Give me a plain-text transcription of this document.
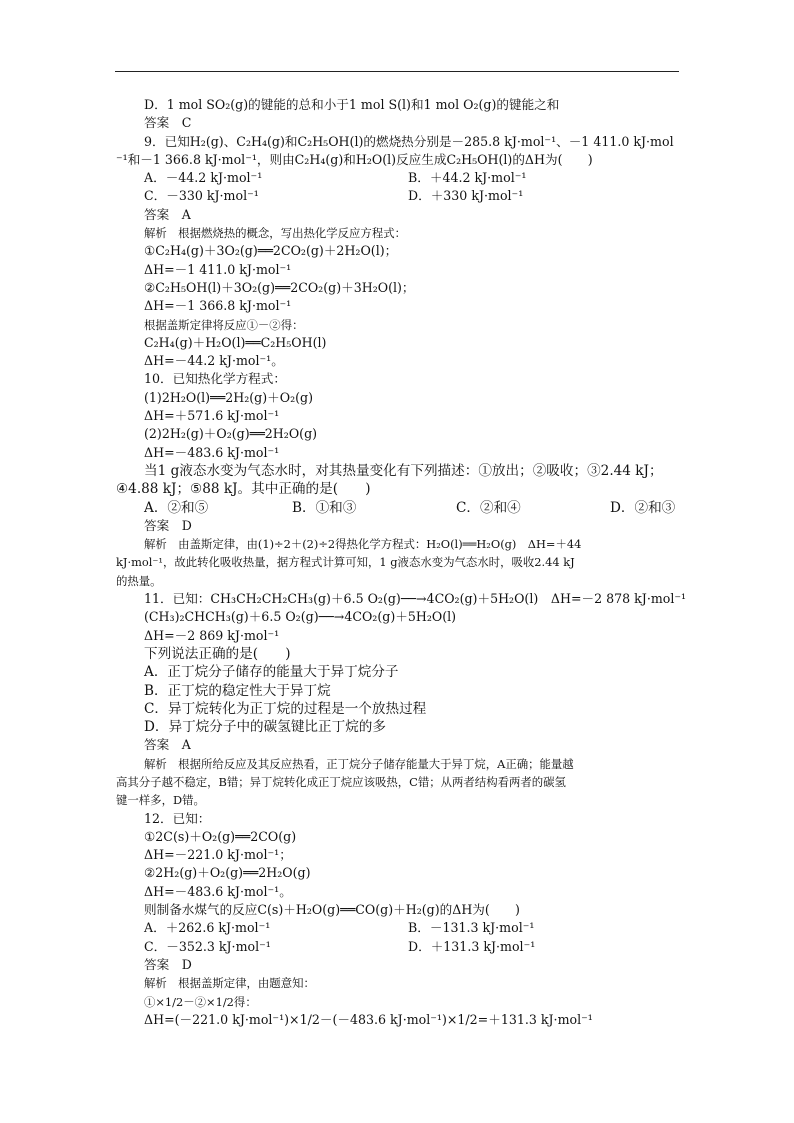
D．1 mol SO₂(g)的键能的总和小于1 mol S(l)和1 mol O₂(g)的键能之和
答案　C
9．已知H₂(g)、C₂H₄(g)和C₂H₅OH(l)的燃烧热分别是－285.8 kJ·mol⁻¹、－1 411.0 kJ·mol
⁻¹和－1 366.8 kJ·mol⁻¹，则由C₂H₄(g)和H₂O(l)反应生成C₂H₅OH(l)的ΔH为(　　)
A．－44.2 kJ·mol⁻¹	B．＋44.2 kJ·mol⁻¹
C．－330 kJ·mol⁻¹	D．＋330 kJ·mol⁻¹
答案　A
解析　根据燃烧热的概念，写出热化学反应方程式：
①C₂H₄(g)＋3O₂(g)══2CO₂(g)＋2H₂O(l)；
ΔH=－1 411.0 kJ·mol⁻¹
②C₂H₅OH(l)＋3O₂(g)══2CO₂(g)＋3H₂O(l)；
ΔH=－1 366.8 kJ·mol⁻¹
根据盖斯定律将反应①－②得：
C₂H₄(g)＋H₂O(l)══C₂H₅OH(l)
ΔH=－44.2 kJ·mol⁻¹。
10．已知热化学方程式：
(1)2H₂O(l)══2H₂(g)＋O₂(g)
ΔH=＋571.6 kJ·mol⁻¹
(2)2H₂(g)＋O₂(g)══2H₂O(g)
ΔH=－483.6 kJ·mol⁻¹
当1 g液态水变为气态水时，对其热量变化有下列描述：①放出；②吸收；③2.44 kJ；
④4.88 kJ；⑤88 kJ。其中正确的是(　　)
A．②和⑤	B．①和③	C．②和④	D．②和③
答案　D
解析　由盖斯定律，由(1)÷2＋(2)÷2得热化学方程式：H₂O(l)══H₂O(g)　ΔH=＋44
kJ·mol⁻¹，故此转化吸收热量，据方程式计算可知，1 g液态水变为气态水时，吸收2.44 kJ
的热量。
11．已知：CH₃CH₂CH₂CH₃(g)＋6.5 O₂(g)──→4CO₂(g)＋5H₂O(l)　ΔH=－2 878 kJ·mol⁻¹
(CH₃)₂CHCH₃(g)＋6.5 O₂(g)──→4CO₂(g)＋5H₂O(l)
ΔH=－2 869 kJ·mol⁻¹
下列说法正确的是(　　)
A．正丁烷分子储存的能量大于异丁烷分子
B．正丁烷的稳定性大于异丁烷
C．异丁烷转化为正丁烷的过程是一个放热过程
D．异丁烷分子中的碳氢键比正丁烷的多
答案　A
解析　根据所给反应及其反应热看，正丁烷分子储存能量大于异丁烷，A正确；能量越
高其分子越不稳定，B错；异丁烷转化成正丁烷应该吸热，C错；从两者结构看两者的碳氢
键一样多，D错。
12．已知：
①2C(s)＋O₂(g)══2CO(g)
ΔH=－221.0 kJ·mol⁻¹；
②2H₂(g)＋O₂(g)══2H₂O(g)
ΔH=－483.6 kJ·mol⁻¹。
则制备水煤气的反应C(s)＋H₂O(g)══CO(g)＋H₂(g)的ΔH为(　　)
A．＋262.6 kJ·mol⁻¹	B．－131.3 kJ·mol⁻¹
C．－352.3 kJ·mol⁻¹	D．＋131.3 kJ·mol⁻¹
答案　D
解析　根据盖斯定律，由题意知：
①×1/2－②×1/2得：
ΔH=(－221.0 kJ·mol⁻¹)×1/2－(－483.6 kJ·mol⁻¹)×1/2=＋131.3 kJ·mol⁻¹
